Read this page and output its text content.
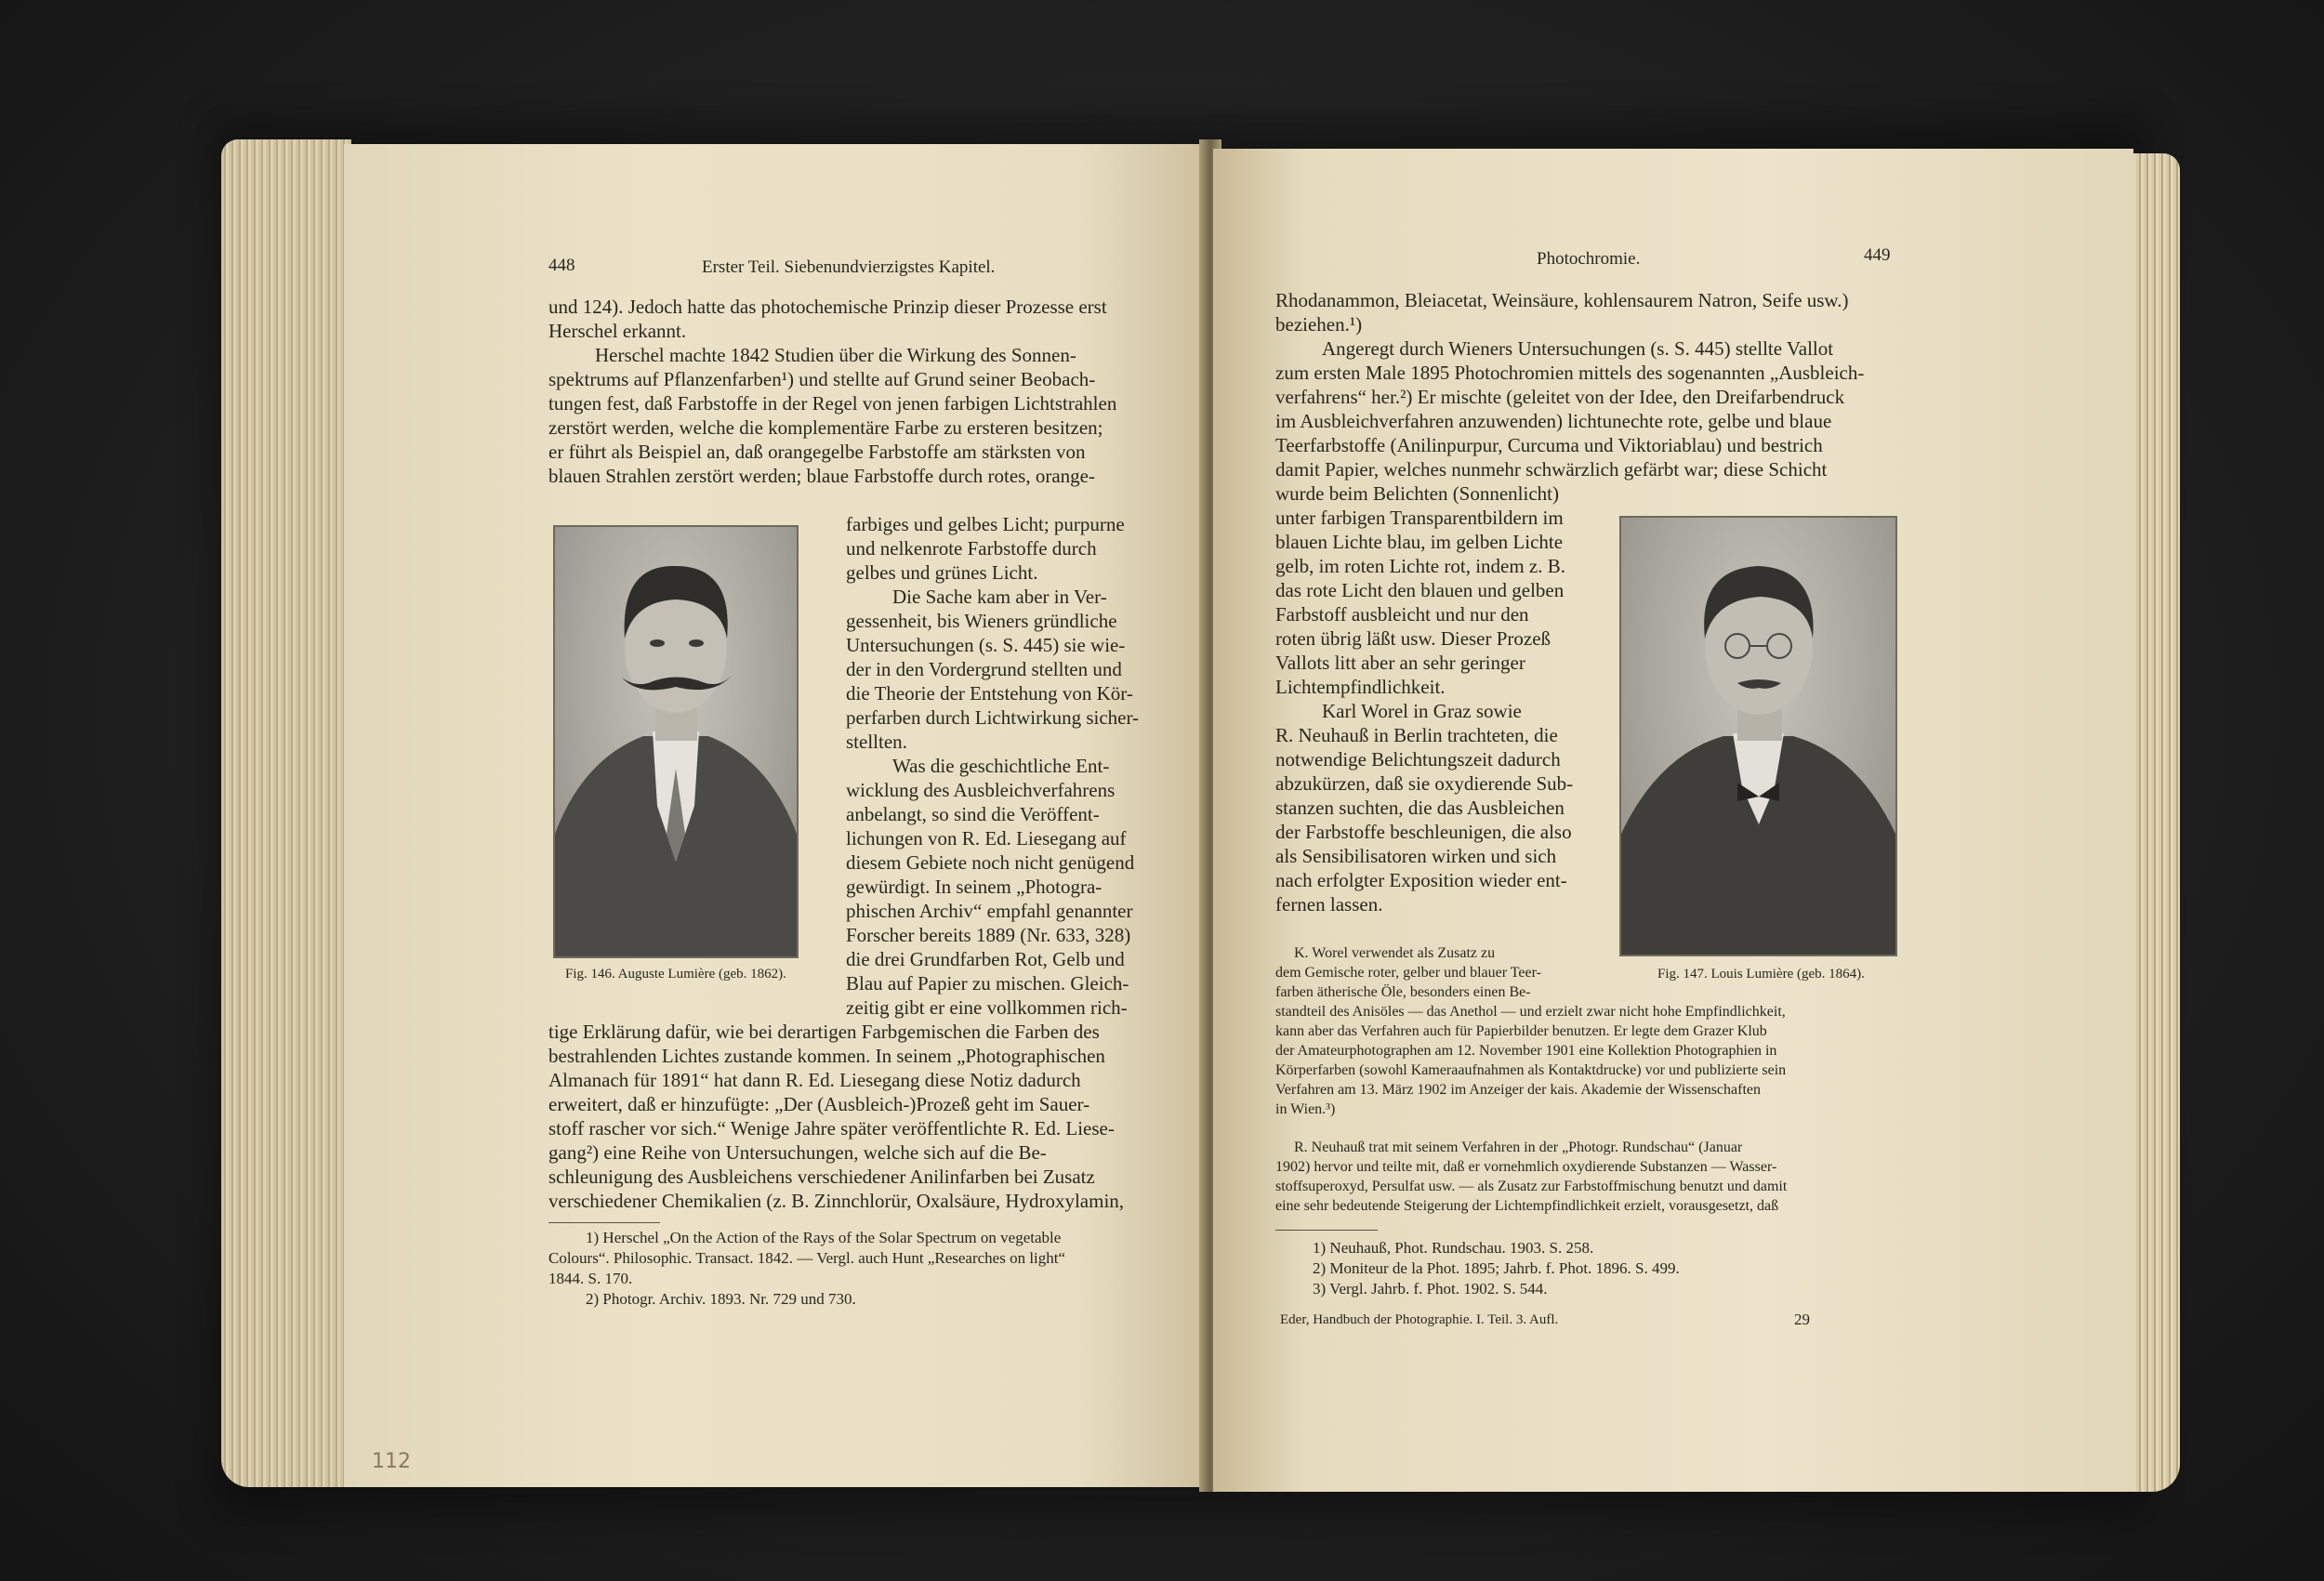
448	Erster Teil. Siebenundvierzigstes Kapitel.
und 124). Jedoch hatte das photochemische Prinzip dieser Prozesse erst
Herschel erkannt.
Herschel machte 1842 Studien über die Wirkung des Sonnen-
spektrums auf Pflanzenfarben¹) und stellte auf Grund seiner Beobach-
tungen fest, daß Farbstoffe in der Regel von jenen farbigen Lichtstrahlen
zerstört werden, welche die komplementäre Farbe zu ersteren besitzen;
er führt als Beispiel an, daß orangegelbe Farbstoffe am stärksten von
blauen Strahlen zerstört werden; blaue Farbstoffe durch rotes, orange-
Fig. 146. Auguste Lumière (geb. 1862).
farbiges und gelbes Licht; purpurne
und nelkenrote Farbstoffe durch
gelbes und grünes Licht.
Die Sache kam aber in Ver-
gessenheit, bis Wieners gründliche
Untersuchungen (s. S. 445) sie wie-
der in den Vordergrund stellten und
die Theorie der Entstehung von Kör-
perfarben durch Lichtwirkung sicher-
stellten.
Was die geschichtliche Ent-
wicklung des Ausbleichverfahrens
anbelangt, so sind die Veröffent-
lichungen von R. Ed. Liesegang auf
diesem Gebiete noch nicht genügend
gewürdigt. In seinem „Photogra-
phischen Archiv“ empfahl genannter
Forscher bereits 1889 (Nr. 633, 328)
die drei Grundfarben Rot, Gelb und
Blau auf Papier zu mischen. Gleich-
zeitig gibt er eine vollkommen rich-
tige Erklärung dafür, wie bei derartigen Farbgemischen die Farben des
bestrahlenden Lichtes zustande kommen. In seinem „Photographischen
Almanach für 1891“ hat dann R. Ed. Liesegang diese Notiz dadurch
erweitert, daß er hinzufügte: „Der (Ausbleich-)Prozeß geht im Sauer-
stoff rascher vor sich.“ Wenige Jahre später veröffentlichte R. Ed. Liese-
gang²) eine Reihe von Untersuchungen, welche sich auf die Be-
schleunigung des Ausbleichens verschiedener Anilinfarben bei Zusatz
verschiedener Chemikalien (z. B. Zinnchlorür, Oxalsäure, Hydroxylamin,
1) Herschel „On the Action of the Rays of the Solar Spectrum on vegetable
Colours“. Philosophic. Transact. 1842. — Vergl. auch Hunt „Researches on light“
1844. S. 170.
2) Photogr. Archiv. 1893. Nr. 729 und 730.
112
Photochromie.	449
Rhodanammon, Bleiacetat, Weinsäure, kohlensaurem Natron, Seife usw.)
beziehen.¹)
Angeregt durch Wieners Untersuchungen (s. S. 445) stellte Vallot
zum ersten Male 1895 Photochromien mittels des sogenannten „Ausbleich-
verfahrens“ her.²) Er mischte (geleitet von der Idee, den Dreifarbendruck
im Ausbleichverfahren anzuwenden) lichtunechte rote, gelbe und blaue
Teerfarbstoffe (Anilinpurpur, Curcuma und Viktoriablau) und bestrich
damit Papier, welches nunmehr schwärzlich gefärbt war; diese Schicht
wurde beim Belichten (Sonnenlicht)
unter farbigen Transparentbildern im
blauen Lichte blau, im gelben Lichte
gelb, im roten Lichte rot, indem z. B.
das rote Licht den blauen und gelben
Farbstoff ausbleicht und nur den
roten übrig läßt usw. Dieser Prozeß
Vallots litt aber an sehr geringer
Lichtempfindlichkeit.
Karl Worel in Graz sowie
R. Neuhauß in Berlin trachteten, die
notwendige Belichtungszeit dadurch
abzukürzen, daß sie oxydierende Sub-
stanzen suchten, die das Ausbleichen
der Farbstoffe beschleunigen, die also
als Sensibilisatoren wirken und sich
nach erfolgter Exposition wieder ent-
fernen lassen.
Fig. 147. Louis Lumière (geb. 1864).
K. Worel verwendet als Zusatz zu
dem Gemische roter, gelber und blauer Teer-
farben ätherische Öle, besonders einen Be-
standteil des Anisöles — das Anethol — und erzielt zwar nicht hohe Empfindlichkeit,
kann aber das Verfahren auch für Papierbilder benutzen. Er legte dem Grazer Klub
der Amateurphotographen am 12. November 1901 eine Kollektion Photographien in
Körperfarben (sowohl Kameraaufnahmen als Kontaktdrucke) vor und publizierte sein
Verfahren am 13. März 1902 im Anzeiger der kais. Akademie der Wissenschaften
in Wien.³)
R. Neuhauß trat mit seinem Verfahren in der „Photogr. Rundschau“ (Januar
1902) hervor und teilte mit, daß er vornehmlich oxydierende Substanzen — Wasser-
stoffsuperoxyd, Persulfat usw. — als Zusatz zur Farbstoffmischung benutzt und damit
eine sehr bedeutende Steigerung der Lichtempfindlichkeit erzielt, vorausgesetzt, daß
1) Neuhauß, Phot. Rundschau. 1903. S. 258.
2) Moniteur de la Phot. 1895; Jahrb. f. Phot. 1896. S. 499.
3) Vergl. Jahrb. f. Phot. 1902. S. 544.
Eder, Handbuch der Photographie. I. Teil. 3. Aufl.	29
